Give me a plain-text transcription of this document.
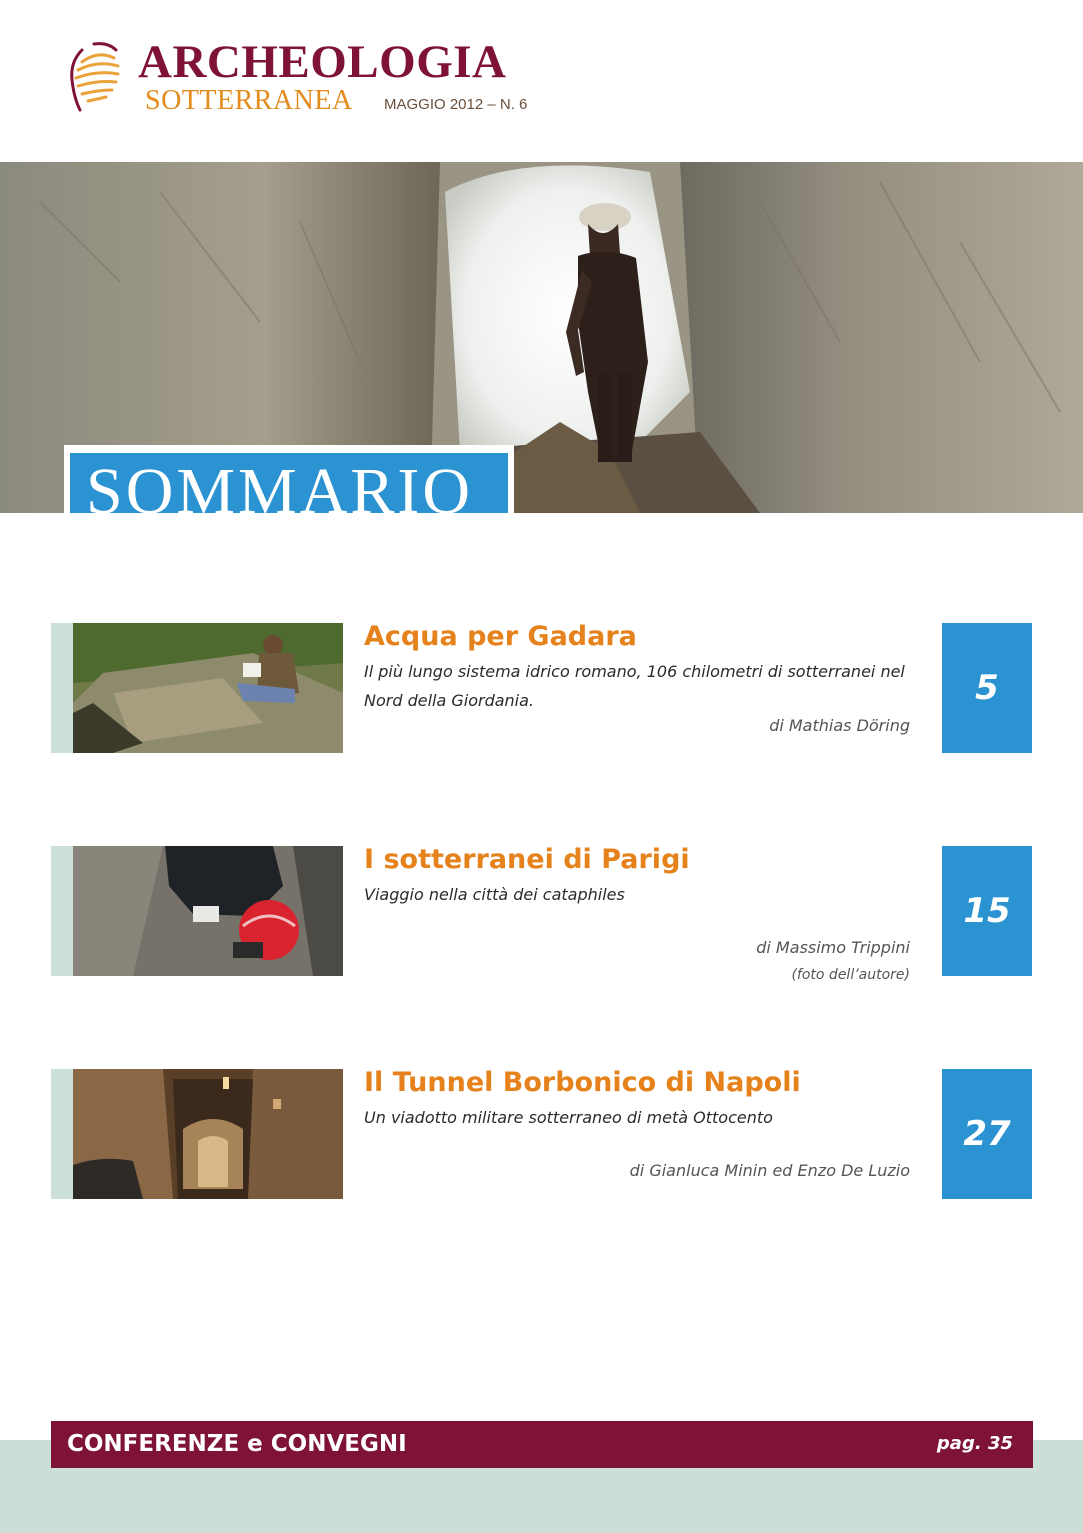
ARCHEOLOGIA
SOTTERRANEA MAGGIO 2012 – N. 6
SOMMARIO
Acqua per Gadara
Il più lungo sistema idrico romano, 106 chilometri di sotterranei nel Nord della Giordania.
di Mathias Döring
5
I sotterranei di Parigi
Viaggio nella città dei cataphiles
di Massimo Trippini
(foto dell’autore)
15
Il Tunnel Borbonico di Napoli
Un viadotto militare sotterraneo di metà Ottocento
di Gianluca Minin ed Enzo De Luzio
27
CONFERENZE e CONVEGNI	pag. 35
